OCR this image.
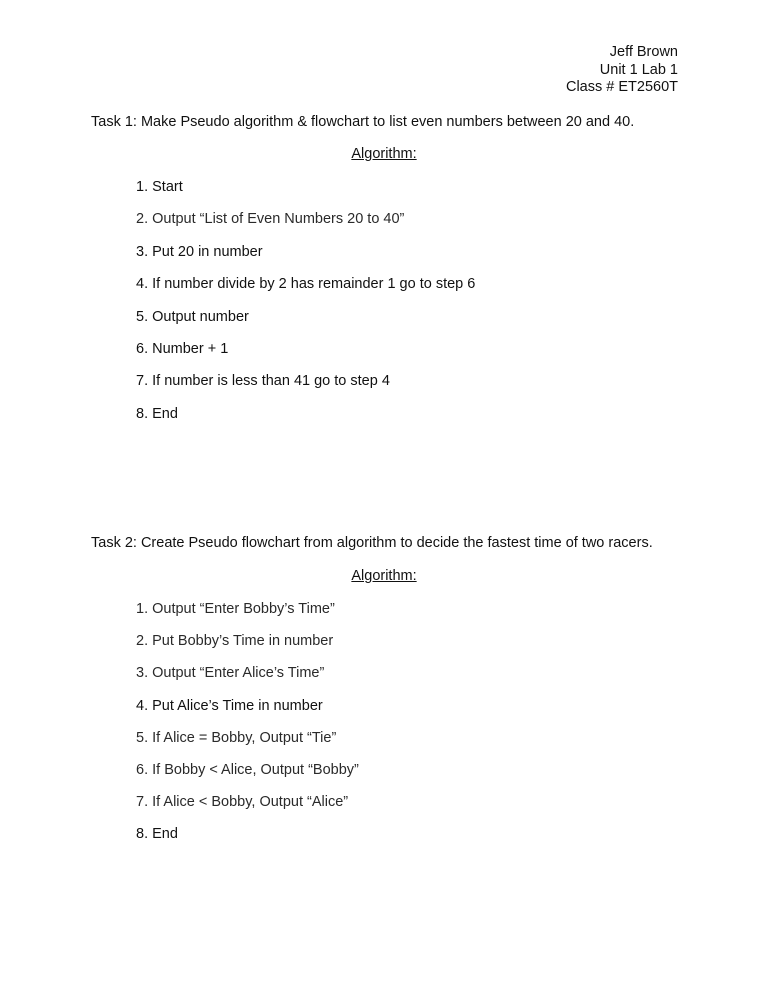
Jeff Brown
Unit 1 Lab 1
Class # ET2560T
Task 1: Make Pseudo algorithm & flowchart to list even numbers between 20 and 40.
Algorithm:
1. Start
2. Output “List of Even Numbers 20 to 40”
3. Put 20 in number
4. If number divide by 2 has remainder 1 go to step 6
5. Output number
6. Number + 1
7. If number is less than 41 go to step 4
8. End
Task 2: Create Pseudo flowchart from algorithm to decide the fastest time of two racers.
Algorithm:
1. Output “Enter Bobby’s Time”
2. Put Bobby’s Time in number
3. Output “Enter Alice’s Time”
4. Put Alice’s Time in number
5. If Alice = Bobby, Output “Tie”
6. If Bobby < Alice, Output “Bobby”
7. If Alice < Bobby, Output “Alice”
8. End
